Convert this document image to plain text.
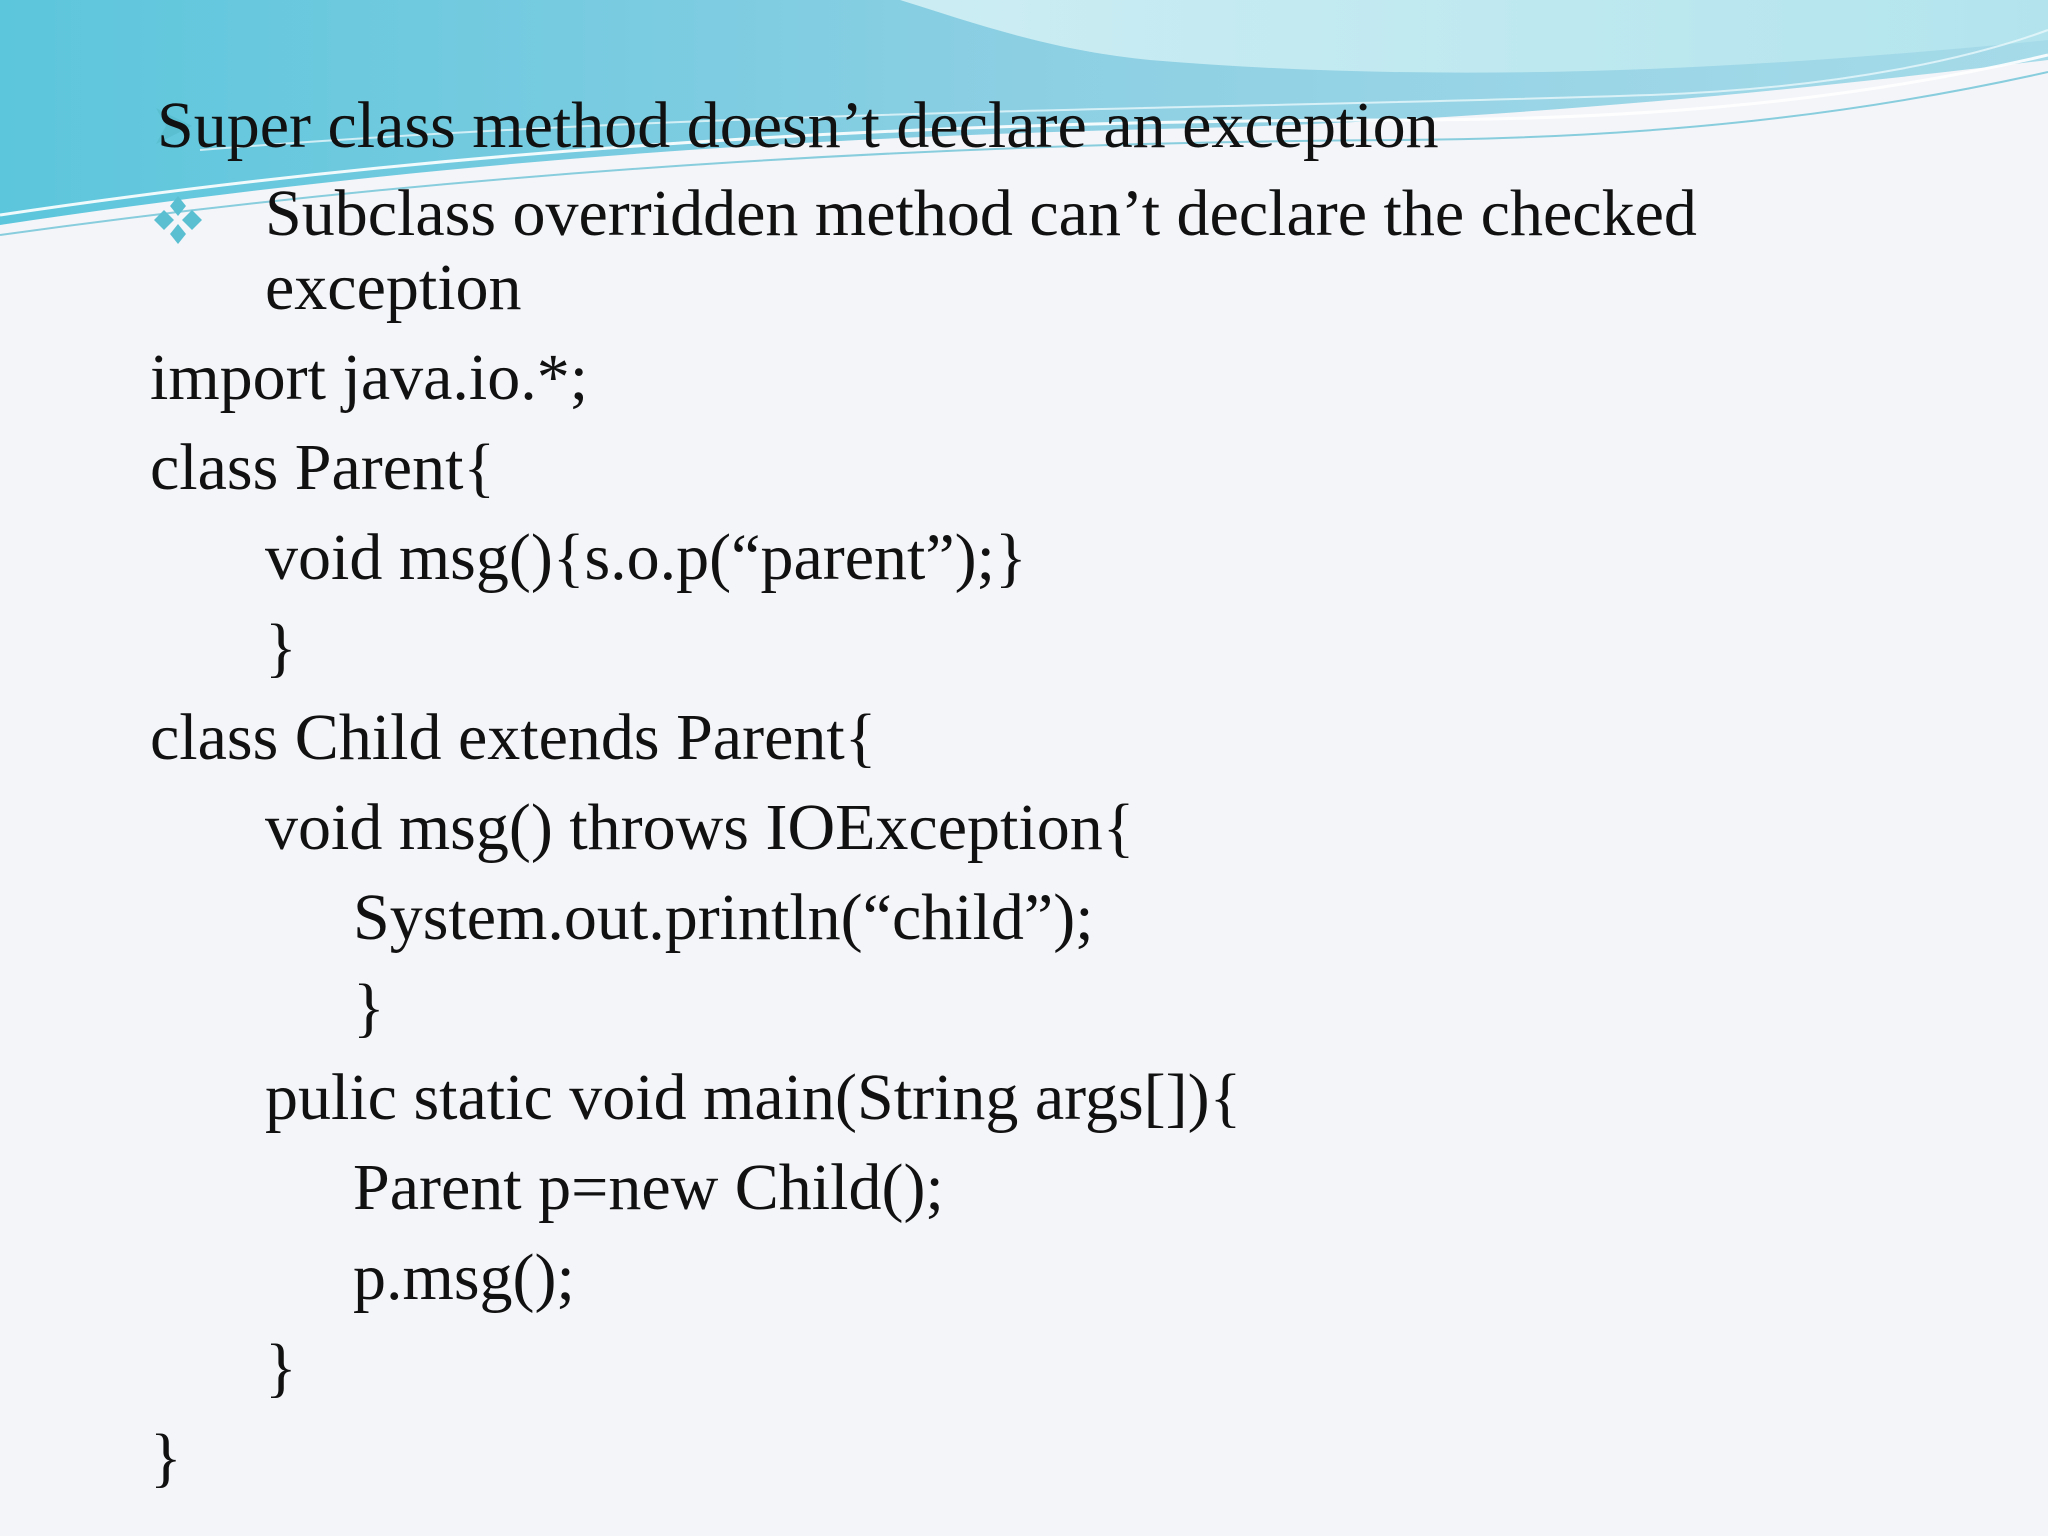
Super class method doesn’t declare an exception
Subclass overridden method can’t declare the checked
exception
import java.io.*;
class Parent{
void msg(){s.o.p(“parent”);}
}
class Child extends Parent{
void msg() throws IOException{
System.out.println(“child”);
}
pulic static void main(String args[]){
Parent p=new Child();
p.msg();
}
}
